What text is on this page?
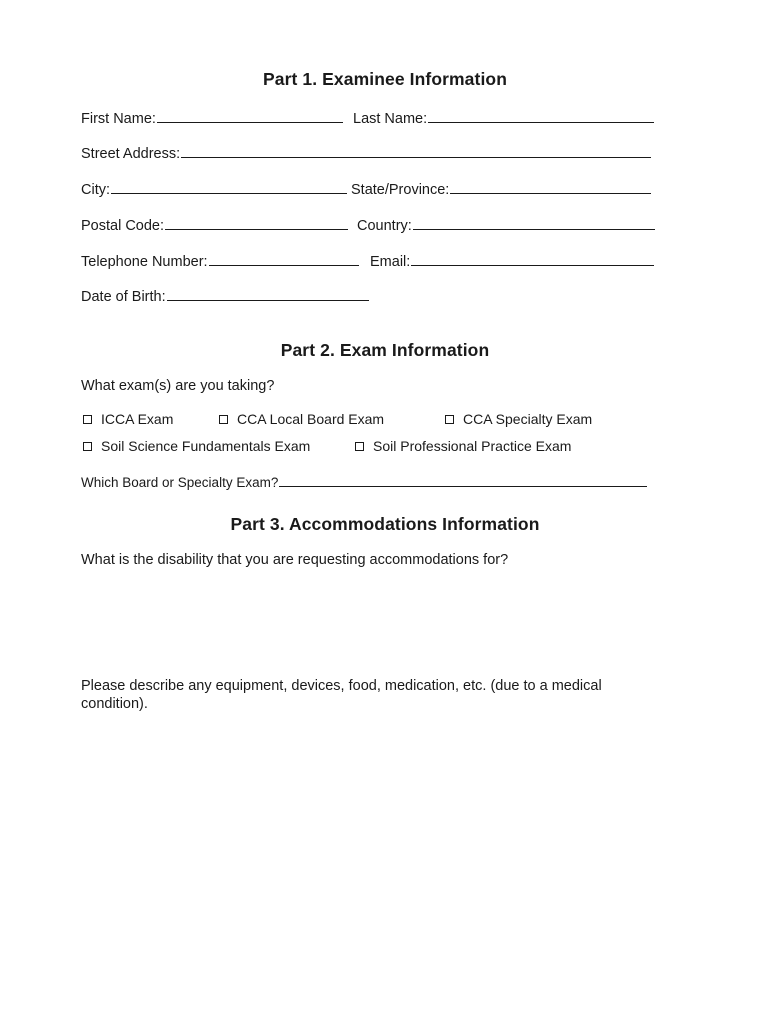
Part 1. Examinee Information
First Name:	Last Name:
Street Address:
City:	State/Province:
Postal Code:	Country:
Telephone Number:	Email:
Date of Birth:
Part 2. Exam Information
What exam(s) are you taking?
ICCA Exam	CCA Local Board Exam	CCA Specialty Exam
Soil Science Fundamentals Exam	Soil Professional Practice Exam
Which Board or Specialty Exam?
Part 3. Accommodations Information
What is the disability that you are requesting accommodations for?
Please describe any equipment, devices, food, medication, etc. (due to a medical condition).
